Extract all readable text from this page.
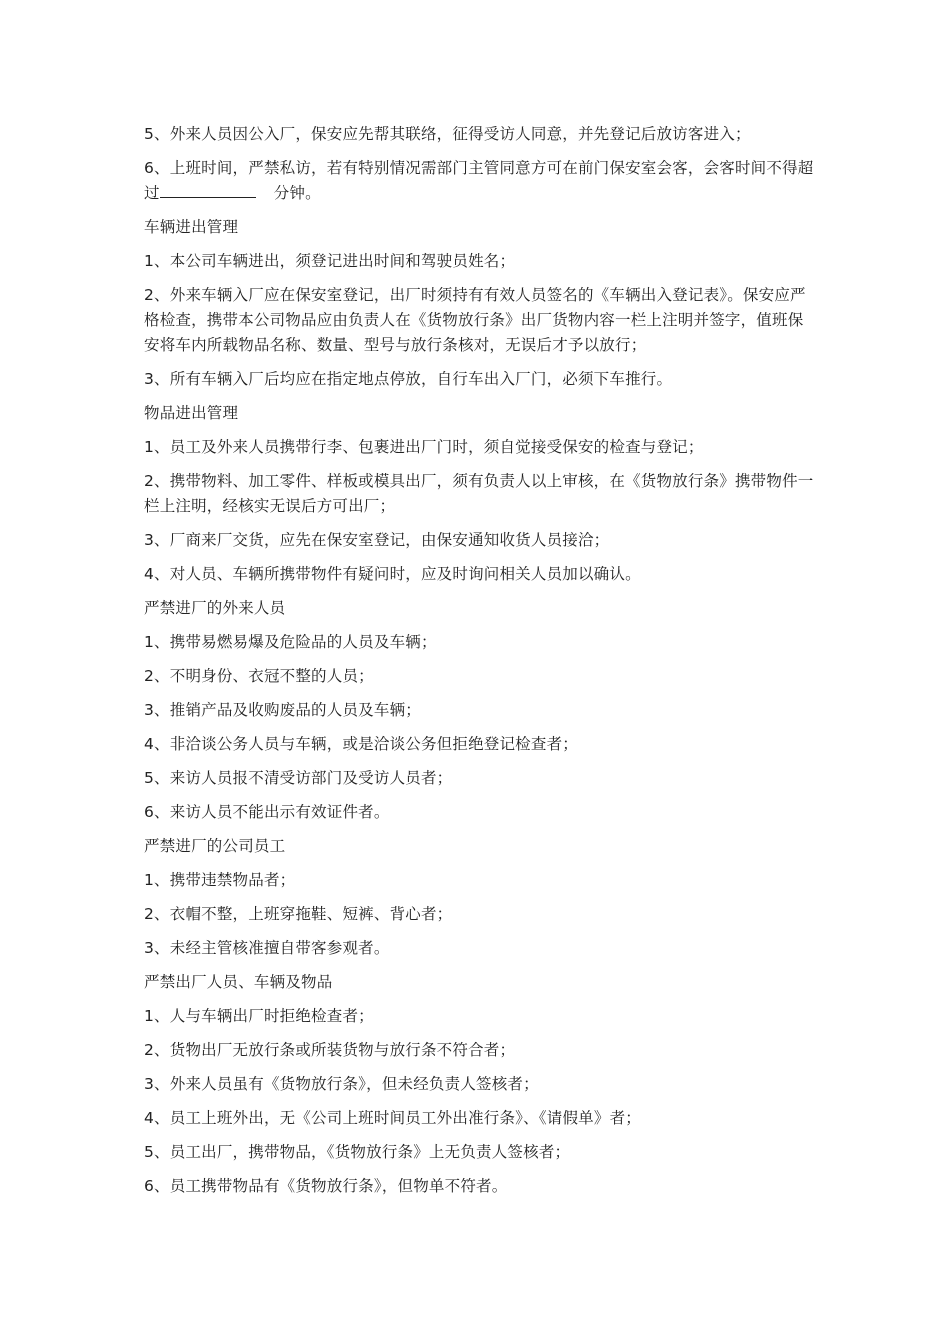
5、外来人员因公入厂，保安应先帮其联络，征得受访人同意，并先登记后放访客进入；

6、上班时间，严禁私访，若有特别情况需部门主管同意方可在前门保安室会客，会客时间不得超过	分钟。

车辆进出管理

1、本公司车辆进出，须登记进出时间和驾驶员姓名；

2、外来车辆入厂应在保安室登记，出厂时须持有有效人员签名的《车辆出入登记表》。保安应严格检查，携带本公司物品应由负责人在《货物放行条》出厂货物内容一栏上注明并签字，值班保安将车内所载物品名称、数量、型号与放行条核对，无误后才予以放行；

3、所有车辆入厂后均应在指定地点停放，自行车出入厂门，必须下车推行。

物品进出管理

1、员工及外来人员携带行李、包裹进出厂门时，须自觉接受保安的检查与登记；

2、携带物料、加工零件、样板或模具出厂，须有负责人以上审核，在《货物放行条》携带物件一栏上注明，经核实无误后方可出厂；

3、厂商来厂交货，应先在保安室登记，由保安通知收货人员接洽；

4、对人员、车辆所携带物件有疑问时，应及时询问相关人员加以确认。

严禁进厂的外来人员

1、携带易燃易爆及危险品的人员及车辆；

2、不明身份、衣冠不整的人员；

3、推销产品及收购废品的人员及车辆；

4、非洽谈公务人员与车辆，或是洽谈公务但拒绝登记检查者；

5、来访人员报不清受访部门及受访人员者；

6、来访人员不能出示有效证件者。

严禁进厂的公司员工

1、携带违禁物品者；

2、衣帽不整，上班穿拖鞋、短裤、背心者；

3、未经主管核准擅自带客参观者。

严禁出厂人员、车辆及物品

1、人与车辆出厂时拒绝检查者；

2、货物出厂无放行条或所装货物与放行条不符合者；

3、外来人员虽有《货物放行条》，但未经负责人签核者；

4、员工上班外出，无《公司上班时间员工外出准行条》、《请假单》者；

5、员工出厂，携带物品，《货物放行条》上无负责人签核者；

6、员工携带物品有《货物放行条》，但物单不符者。
